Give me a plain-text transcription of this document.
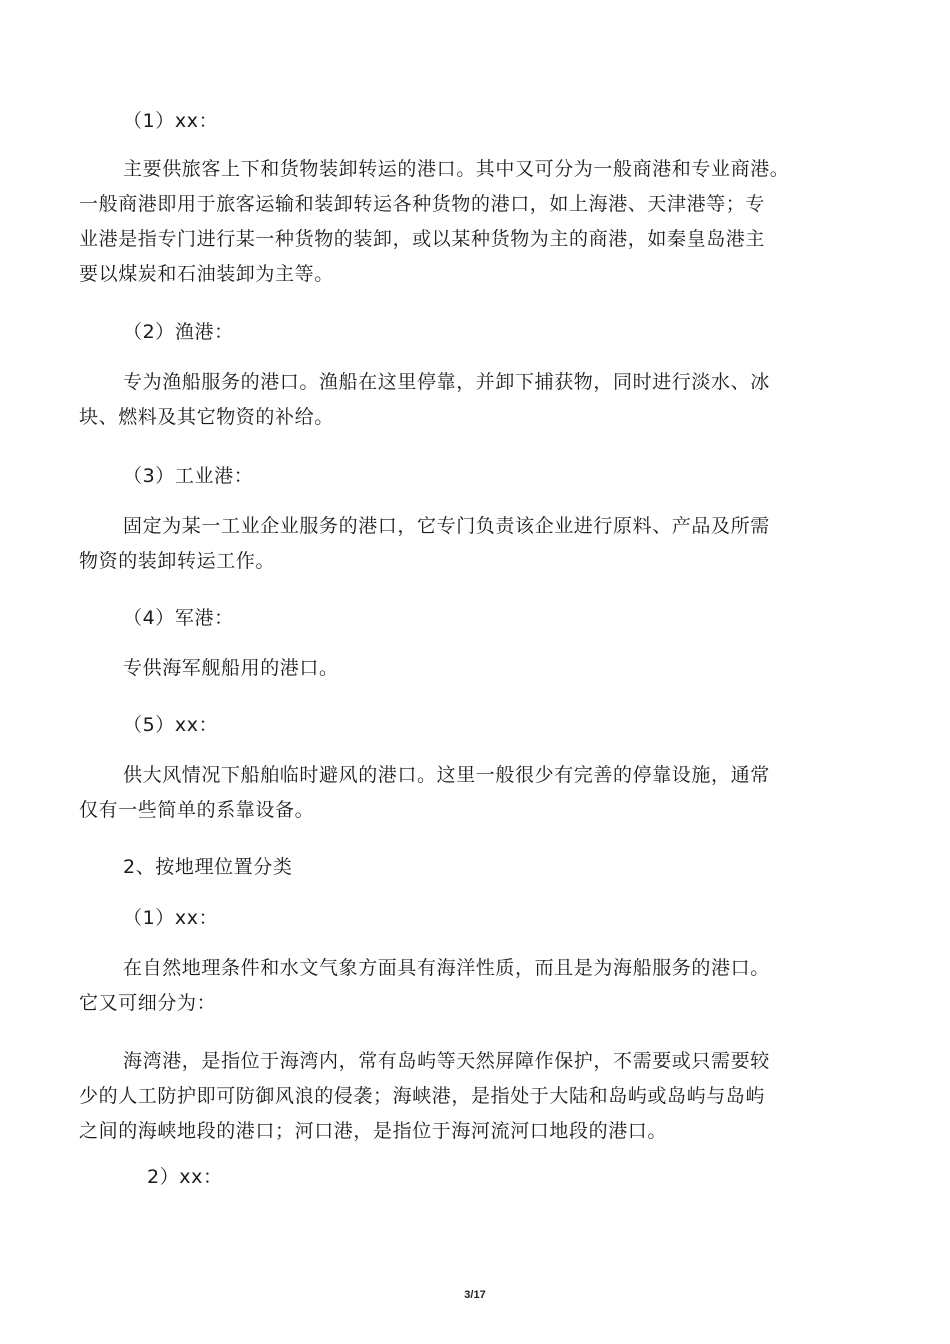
（1）xx：
主要供旅客上下和货物装卸转运的港口。其中又可分为一般商港和专业商港。
一般商港即用于旅客运输和装卸转运各种货物的港口，如上海港、天津港等；专
业港是指专门进行某一种货物的装卸，或以某种货物为主的商港，如秦皇岛港主
要以煤炭和石油装卸为主等。
（2）渔港：
专为渔船服务的港口。渔船在这里停靠，并卸下捕获物，同时进行淡水、冰
块、燃料及其它物资的补给。
（3）工业港：
固定为某一工业企业服务的港口，它专门负责该企业进行原料、产品及所需
物资的装卸转运工作。
（4）军港：
专供海军舰船用的港口。
（5）xx：
供大风情况下船舶临时避风的港口。这里一般很少有完善的停靠设施，通常
仅有一些简单的系靠设备。
2、按地理位置分类
（1）xx：
在自然地理条件和水文气象方面具有海洋性质，而且是为海船服务的港口。
它又可细分为：
海湾港，是指位于海湾内，常有岛屿等天然屏障作保护，不需要或只需要较
少的人工防护即可防御风浪的侵袭；海峡港，是指处于大陆和岛屿或岛屿与岛屿
之间的海峡地段的港口；河口港，是指位于海河流河口地段的港口。
2）xx：
3/17
